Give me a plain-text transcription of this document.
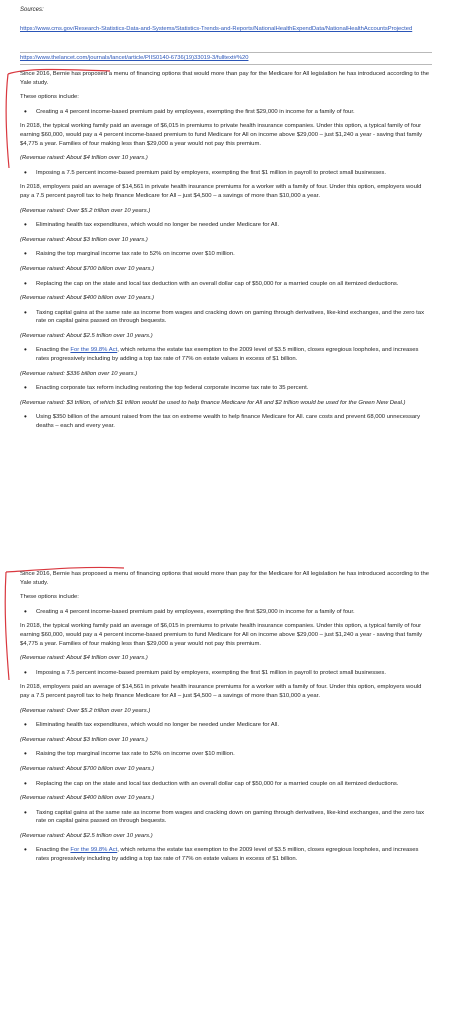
Sources:
https://www.cms.gov/Research-Statistics-Data-and-Systems/Statistics-Trends-and-Reports/NationalHealthExpendData/NationalHealthAccountsProjected
https://www.thelancet.com/journals/lancet/article/PIIS0140-6736(19)33019-3/fulltext#%20

Since 2016, Bernie has proposed a menu of financing options that would more than pay for the Medicare for All legislation he has introduced according to the Yale study.

These options include:

• Creating a 4 percent income-based premium paid by employees, exempting the first $29,000 in income for a family of four.

In 2018, the typical working family paid an average of $6,015 in premiums to private health insurance companies. Under this option, a typical family of four earning $60,000, would pay a 4 percent income-based premium to fund Medicare for All on income above $29,000 – just $1,240 a year - saving that family $4,775 a year. Families of four making less than $29,000 a year would not pay this premium.

(Revenue raised: About $4 trillion over 10 years.)

• Imposing a 7.5 percent income-based premium paid by employers, exempting the first $1 million in payroll to protect small businesses.

In 2018, employers paid an average of $14,561 in private health insurance premiums for a worker with a family of four. Under this option, employers would pay a 7.5 percent payroll tax to help finance Medicare for All – just $4,500 – a savings of more than $10,000 a year.

(Revenue raised: Over $5.2 trillion over 10 years.)

• Eliminating health tax expenditures, which would no longer be needed under Medicare for All.

(Revenue raised: About $3 trillion over 10 years.)

• Raising the top marginal income tax rate to 52% on income over $10 million.

(Revenue raised: About $700 billion over 10 years.)

• Replacing the cap on the state and local tax deduction with an overall dollar cap of $50,000 for a married couple on all itemized deductions.

(Revenue raised: About $400 billion over 10 years.)

• Taxing capital gains at the same rate as income from wages and cracking down on gaming through derivatives, like-kind exchanges, and the zero tax rate on capital gains passed on through bequests.

(Revenue raised: About $2.5 trillion over 10 years.)

• Enacting the For the 99.8% Act, which returns the estate tax exemption to the 2009 level of $3.5 million, closes egregious loopholes, and increases rates progressively including by adding a top tax rate of 77% on estate values in excess of $1 billion.

(Revenue raised: $336 billion over 10 years.)

• Enacting corporate tax reform including restoring the top federal corporate income tax rate to 35 percent.

(Revenue raised: $3 trillion, of which $1 trillion would be used to help finance Medicare for All and $2 trillion would be used for the Green New Deal.)

• Using $350 billion of the amount raised from the tax on extreme wealth to help finance Medicare for All. care costs and prevent 68,000 unnecessary deaths – each and every year.

Since 2016, Bernie has proposed a menu of financing options that would more than pay for the Medicare for All legislation he has introduced according to the Yale study.

These options include:

• Creating a 4 percent income-based premium paid by employees, exempting the first $29,000 in income for a family of four.

In 2018, the typical working family paid an average of $6,015 in premiums to private health insurance companies. Under this option, a typical family of four earning $60,000, would pay a 4 percent income-based premium to fund Medicare for All on income above $29,000 – just $1,240 a year - saving that family $4,775 a year. Families of four making less than $29,000 a year would not pay this premium.

(Revenue raised: About $4 trillion over 10 years.)

• Imposing a 7.5 percent income-based premium paid by employers, exempting the first $1 million in payroll to protect small businesses.

In 2018, employers paid an average of $14,561 in private health insurance premiums for a worker with a family of four. Under this option, employers would pay a 7.5 percent payroll tax to help finance Medicare for All – just $4,500 – a savings of more than $10,000 a year.

(Revenue raised: Over $5.2 trillion over 10 years.)

• Eliminating health tax expenditures, which would no longer be needed under Medicare for All.

(Revenue raised: About $3 trillion over 10 years.)

• Raising the top marginal income tax rate to 52% on income over $10 million.

(Revenue raised: About $700 billion over 10 years.)

• Replacing the cap on the state and local tax deduction with an overall dollar cap of $50,000 for a married couple on all itemized deductions.

(Revenue raised: About $400 billion over 10 years.)

• Taxing capital gains at the same rate as income from wages and cracking down on gaming through derivatives, like-kind exchanges, and the zero tax rate on capital gains passed on through bequests.

(Revenue raised: About $2.5 trillion over 10 years.)

• Enacting the For the 99.8% Act, which returns the estate tax exemption to the 2009 level of $3.5 million, closes egregious loopholes, and increases rates progressively including by adding a top tax rate of 77% on estate values in excess of $1 billion.
